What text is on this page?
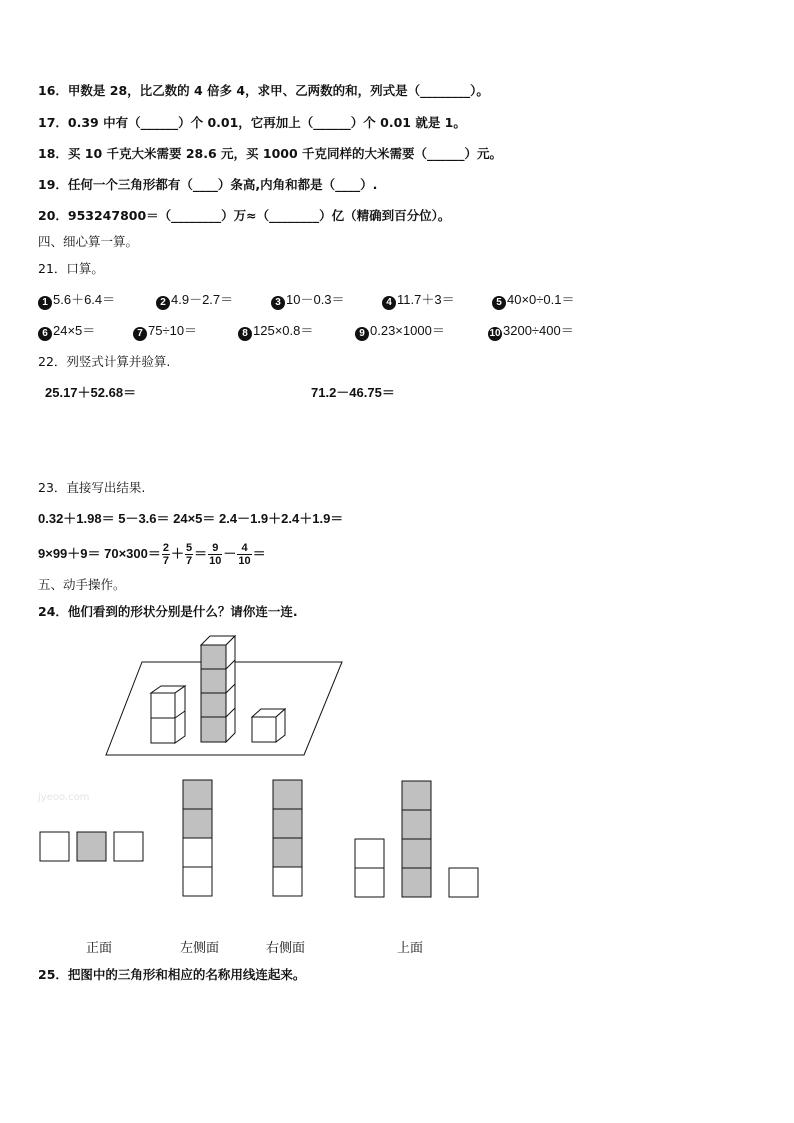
16．甲数是 28，比乙数的 4 倍多 4，求甲、乙两数的和，列式是（________）。
17．0.39 中有（______）个 0.01，它再加上（______）个 0.01 就是 1。
18．买 10 千克大米需要 28.6 元，买 1000 千克同样的大米需要（______）元。
19．任何一个三角形都有（____）条高,内角和都是（____）.
20．953247800＝（________）万≈（________）亿（精确到百分位）。
四、细心算一算。
21．口算。
1 5.6＋6.4＝	2 4.9－2.7＝	3 10－0.3＝	4 11.7＋3＝	5 40×0÷0.1＝
6 24×5＝	7 75÷10＝	8 125×0.8＝	9 0.23×1000＝	10 3200÷400＝
22．列竖式计算并验算.
25.17＋52.68＝	71.2－46.75＝
23．直接写出结果.
0.32＋1.98＝ 5－3.6＝ 24×5＝ 2.4－1.9＋2.4＋1.9＝
$9\times 99+9= 70\times 300= \frac{2}{7} + \frac{5}{7} = \frac{9}{10} - \frac{4}{10}$ ＝
五、动手操作。
24．他们看到的形状分别是什么？请你连一连.
jyeoo.com
正面	左侧面	右侧面	上面
25．把图中的三角形和相应的名称用线连起来。
